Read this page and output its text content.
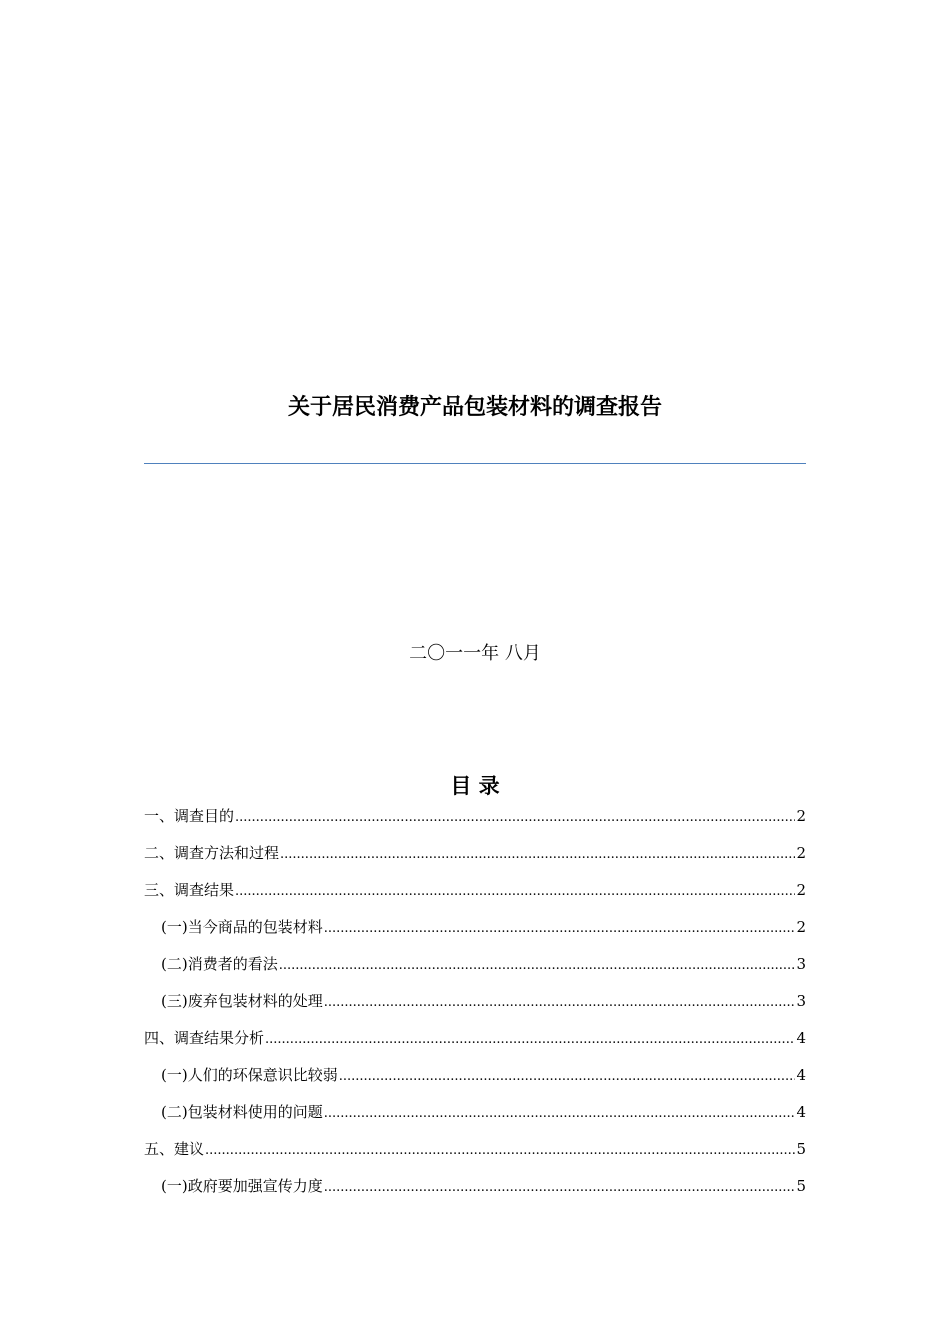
关于居民消费产品包装材料的调查报告
二〇一一年 八月
目 录
一、调查目的 .....	2
二、调查方法和过程 .....	2
三、调查结果 .....	2
(一)当今商品的包装材料 .....	2
(二)消费者的看法 .....	3
(三)废弃包装材料的处理 .....	3
四、调查结果分析 .....	4
(一)人们的环保意识比较弱 .....	4
(二)包装材料使用的问题 .....	4
五、建议 .....	5
(一)政府要加强宣传力度 .....	5
